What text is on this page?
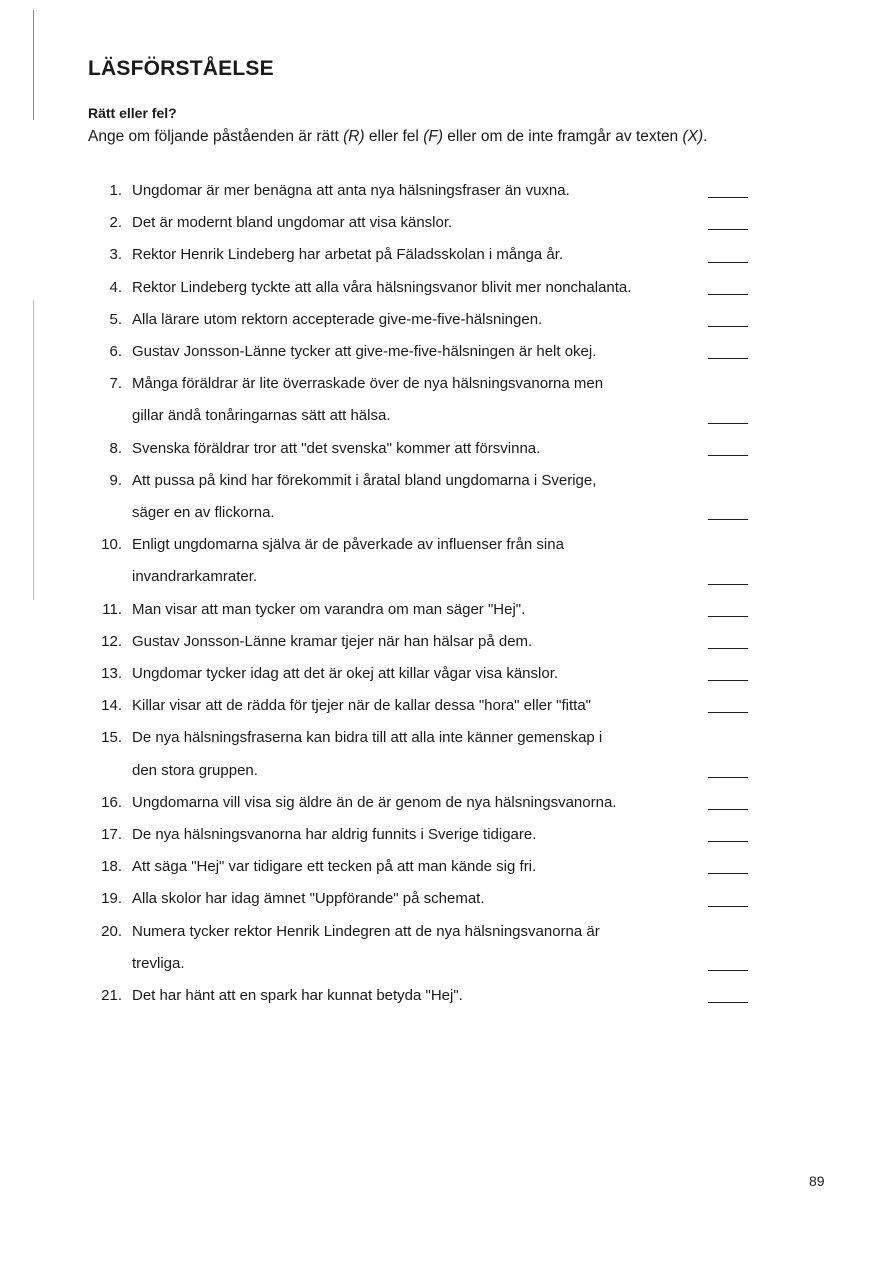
LÄSFÖRSTÅELSE
Rätt eller fel?

Ange om följande påståenden är rätt (R) eller fel (F) eller om de inte framgår av texten (X).

1. Ungdomar är mer benägna att anta nya hälsningsfraser än vuxna.
2. Det är modernt bland ungdomar att visa känslor.
3. Rektor Henrik Lindeberg har arbetat på Fäladsskolan i många år.
4. Rektor Lindeberg tyckte att alla våra hälsningsvanor blivit mer nonchalanta.
5. Alla lärare utom rektorn accepterade give-me-five-hälsningen.
6. Gustav Jonsson-Länne tycker att give-me-five-hälsningen är helt okej.
7. Många föräldrar är lite överraskade över de nya hälsningsvanorna men
gillar ändå tonåringarnas sätt att hälsa.
8. Svenska föräldrar tror att "det svenska" kommer att försvinna.
9. Att pussa på kind har förekommit i åratal bland ungdomarna i Sverige,
säger en av flickorna.
10. Enligt ungdomarna själva är de påverkade av influenser från sina
invandrarkamrater.
11. Man visar att man tycker om varandra om man säger "Hej".
12. Gustav Jonsson-Länne kramar tjejer när han hälsar på dem.
13. Ungdomar tycker idag att det är okej att killar vågar visa känslor.
14. Killar visar att de rädda för tjejer när de kallar dessa "hora" eller "fitta"
15. De nya hälsningsfraserna kan bidra till att alla inte känner gemenskap i
den stora gruppen.
16. Ungdomarna vill visa sig äldre än de är genom de nya hälsningsvanorna.
17. De nya hälsningsvanorna har aldrig funnits i Sverige tidigare.
18. Att säga "Hej" var tidigare ett tecken på att man kände sig fri.
19. Alla skolor har idag ämnet "Uppförande" på schemat.
20. Numera tycker rektor Henrik Lindegren att de nya hälsningsvanorna är
trevliga.
21. Det har hänt att en spark har kunnat betyda "Hej".

89
